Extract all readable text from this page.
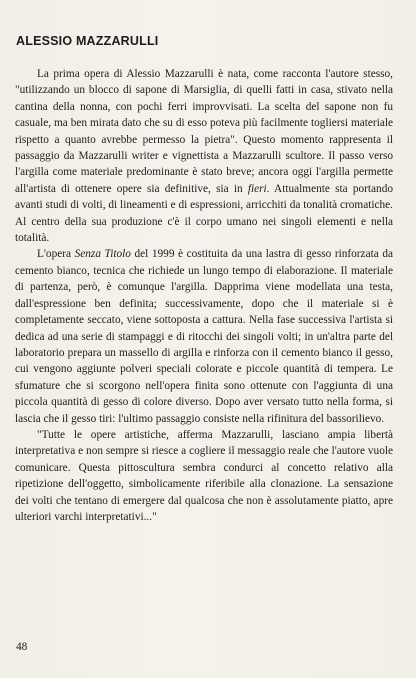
ALESSIO MAZZARULLI

La prima opera di Alessio Mazzarulli è nata, come racconta l'autore stesso, "utilizzando un blocco di sapone di Marsiglia, di quelli fatti in casa, stivato nella cantina della nonna, con pochi ferri improvvisati. La scelta del sapone non fu casuale, ma ben mirata dato che su di esso poteva più facilmente togliersi materiale rispetto a quanto avrebbe permesso la pietra". Questo momento rappresenta il passaggio da Mazzarulli writer e vignettista a Mazzarulli scultore. Il passo verso l'argilla come materiale predominante è stato breve; ancora oggi l'argilla permette all'artista di ottenere opere sia definitive, sia in fieri. Attualmente sta portando avanti studi di volti, di lineamenti e di espressioni, arricchiti da tonalità cromatiche. Al centro della sua produzione c'è il corpo umano nei singoli elementi e nella totalità.

L'opera Senza Titolo del 1999 è costituita da una lastra di gesso rinforzata da cemento bianco, tecnica che richiede un lungo tempo di elaborazione. Il materiale di partenza, però, è comunque l'argilla. Dapprima viene modellata una testa, dall'espressione ben definita; successivamente, dopo che il materiale si è completamente seccato, viene sottoposta a cattura. Nella fase successiva l'artista si dedica ad una serie di stampaggi e di ritocchi dei singoli volti; in un'altra parte del laboratorio prepara un massello di argilla e rinforza con il cemento bianco il gesso, cui vengono aggiunte polveri speciali colorate e piccole quantità di tempera. Le sfumature che si scorgono nell'opera finita sono ottenute con l'aggiunta di una piccola quantità di gesso di colore diverso. Dopo aver versato tutto nella forma, si lascia che il gesso tiri: l'ultimo passaggio consiste nella rifinitura del bassorilievo.

"Tutte le opere artistiche, afferma Mazzarulli, lasciano ampia libertà interpretativa e non sempre si riesce a cogliere il messaggio reale che l'autore vuole comunicare. Questa pittoscultura sembra condurci al concetto relativo alla ripetizione dell'oggetto, simbolicamente riferibile alla clonazione. La sensazione dei volti che tentano di emergere dal qualcosa che non è assolutamente piatto, apre ulteriori varchi interpretativi..."

48
